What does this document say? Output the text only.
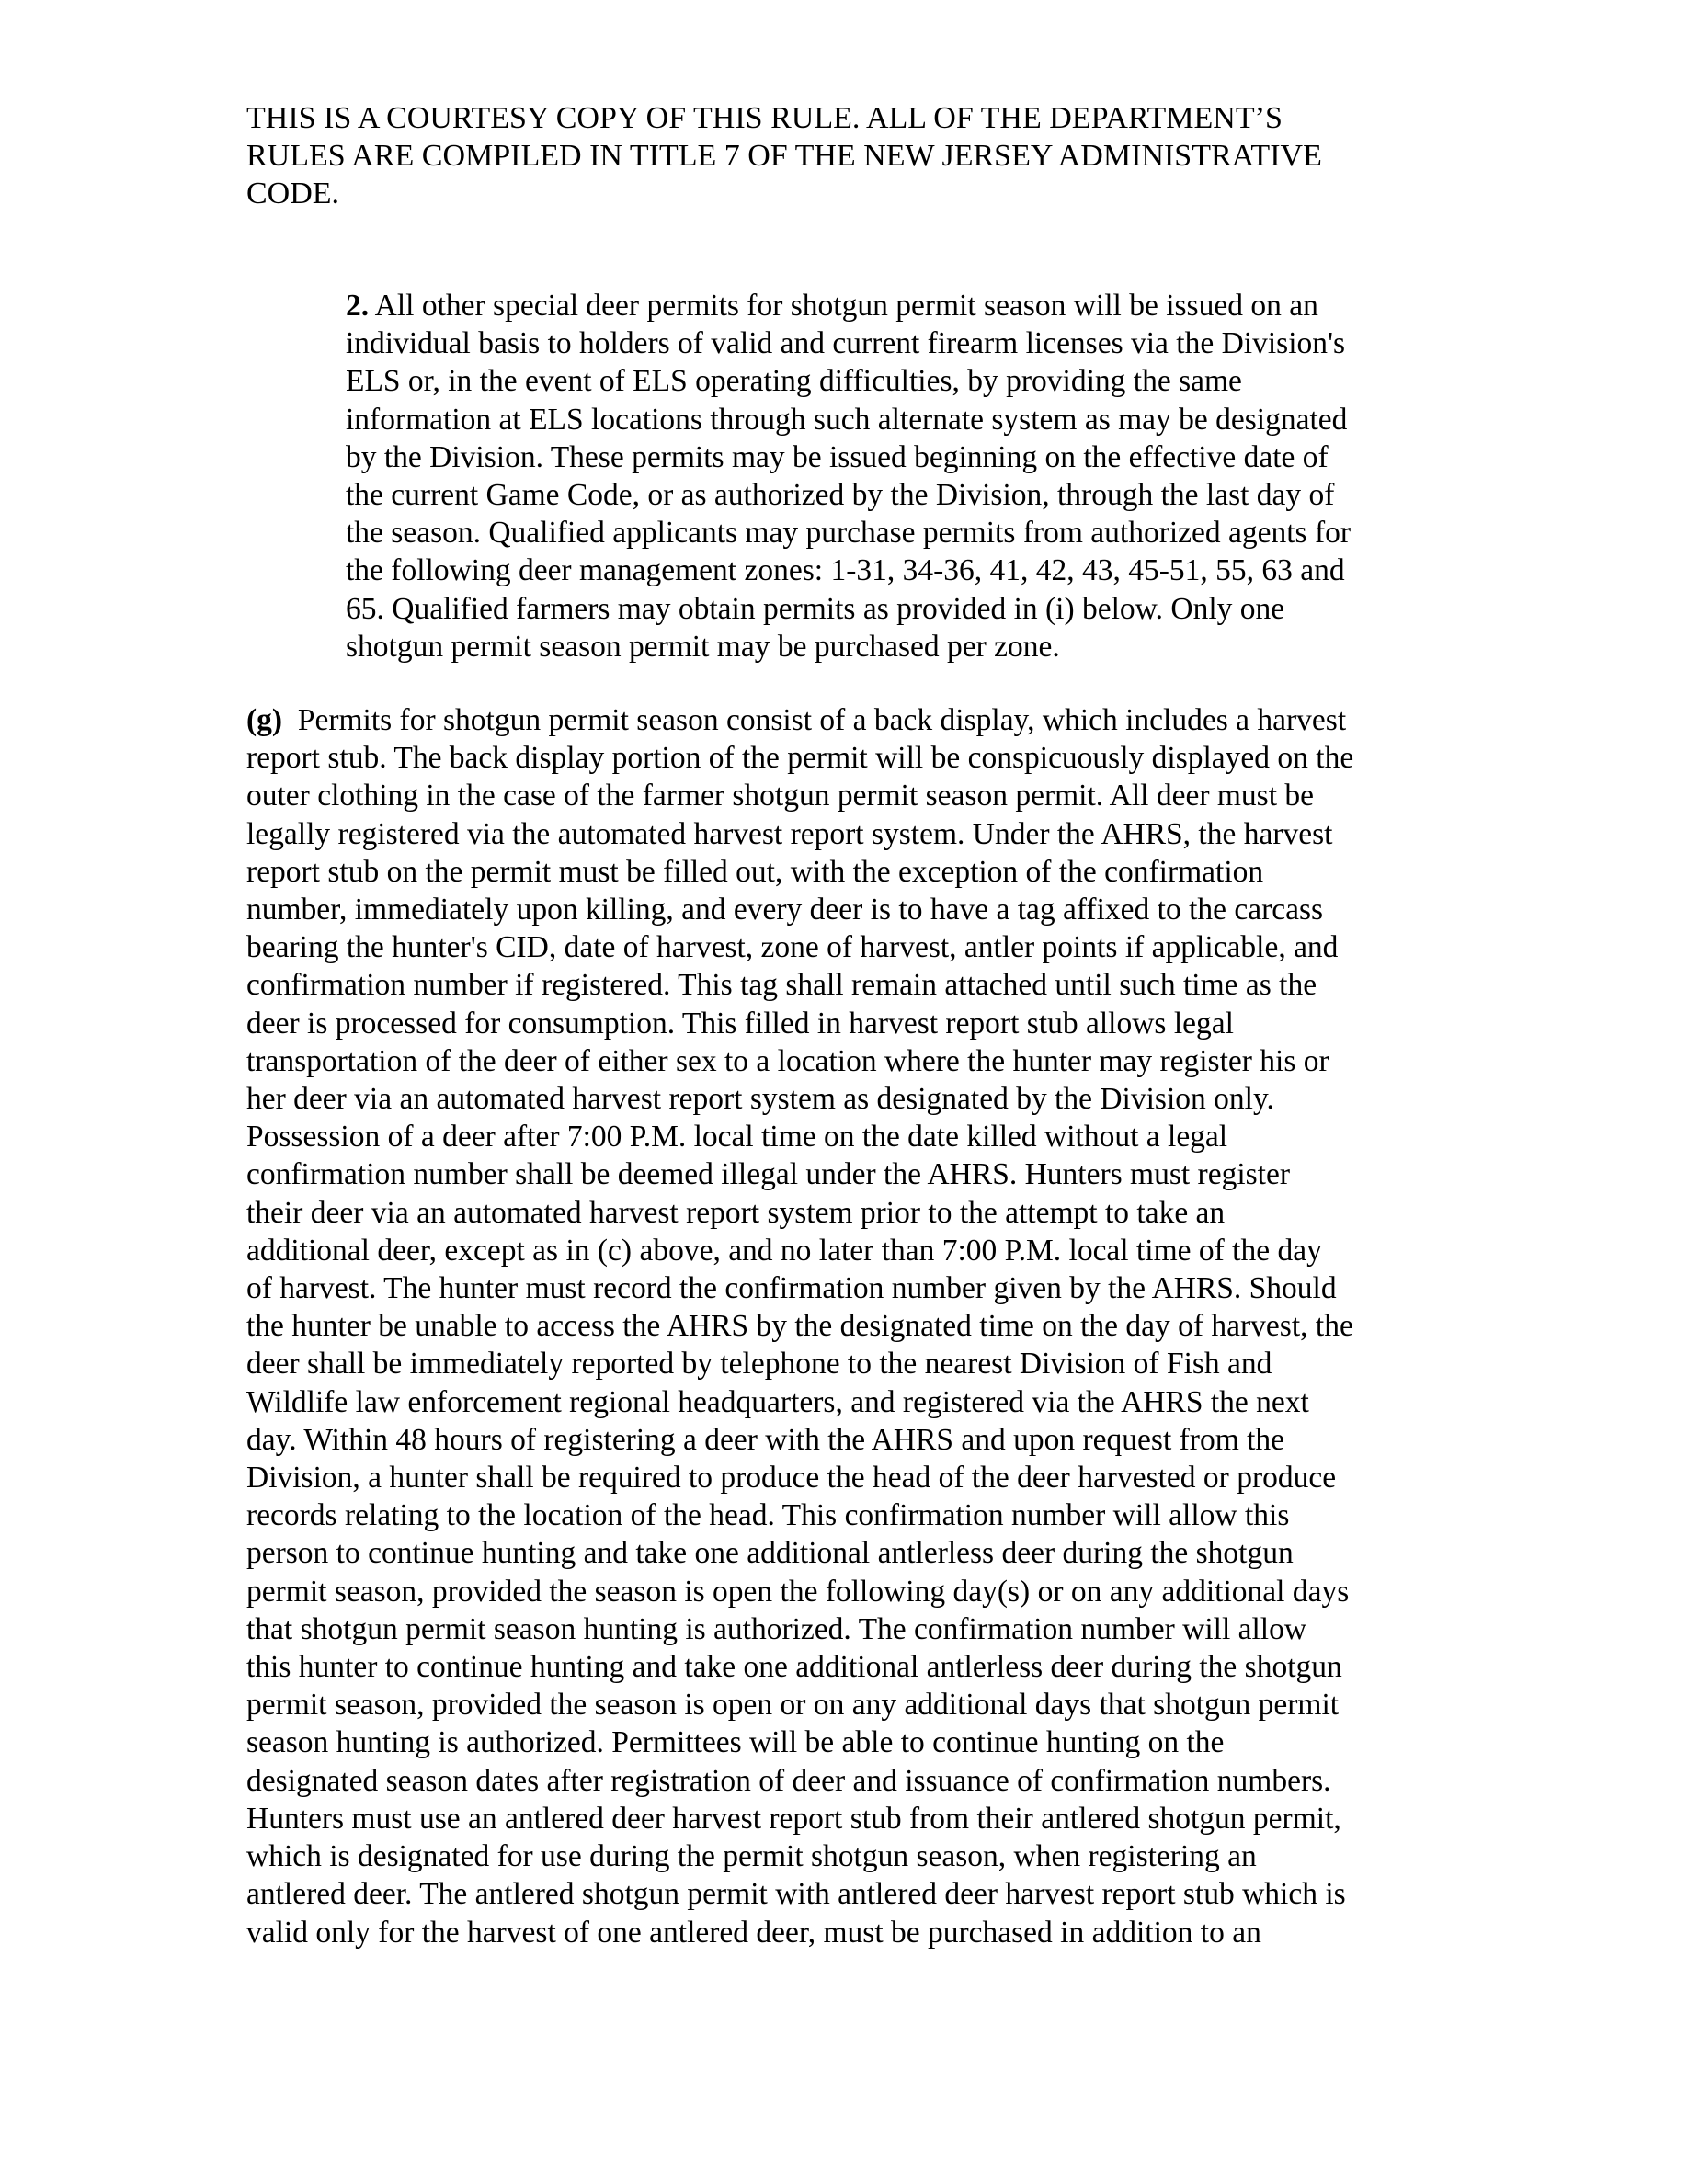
THIS IS A COURTESY COPY OF THIS RULE. ALL OF THE DEPARTMENT’S
RULES ARE COMPILED IN TITLE 7 OF THE NEW JERSEY ADMINISTRATIVE
CODE.

2. All other special deer permits for shotgun permit season will be issued on an
individual basis to holders of valid and current firearm licenses via the Division's
ELS or, in the event of ELS operating difficulties, by providing the same
information at ELS locations through such alternate system as may be designated
by the Division. These permits may be issued beginning on the effective date of
the current Game Code, or as authorized by the Division, through the last day of
the season. Qualified applicants may purchase permits from authorized agents for
the following deer management zones: 1-31, 34-36, 41, 42, 43, 45-51, 55, 63 and
65. Qualified farmers may obtain permits as provided in (i) below. Only one
shotgun permit season permit may be purchased per zone.

(g)  Permits for shotgun permit season consist of a back display, which includes a harvest
report stub. The back display portion of the permit will be conspicuously displayed on the
outer clothing in the case of the farmer shotgun permit season permit. All deer must be
legally registered via the automated harvest report system. Under the AHRS, the harvest
report stub on the permit must be filled out, with the exception of the confirmation
number, immediately upon killing, and every deer is to have a tag affixed to the carcass
bearing the hunter's CID, date of harvest, zone of harvest, antler points if applicable, and
confirmation number if registered. This tag shall remain attached until such time as the
deer is processed for consumption. This filled in harvest report stub allows legal
transportation of the deer of either sex to a location where the hunter may register his or
her deer via an automated harvest report system as designated by the Division only.
Possession of a deer after 7:00 P.M. local time on the date killed without a legal
confirmation number shall be deemed illegal under the AHRS. Hunters must register
their deer via an automated harvest report system prior to the attempt to take an
additional deer, except as in (c) above, and no later than 7:00 P.M. local time of the day
of harvest. The hunter must record the confirmation number given by the AHRS. Should
the hunter be unable to access the AHRS by the designated time on the day of harvest, the
deer shall be immediately reported by telephone to the nearest Division of Fish and
Wildlife law enforcement regional headquarters, and registered via the AHRS the next
day. Within 48 hours of registering a deer with the AHRS and upon request from the
Division, a hunter shall be required to produce the head of the deer harvested or produce
records relating to the location of the head. This confirmation number will allow this
person to continue hunting and take one additional antlerless deer during the shotgun
permit season, provided the season is open the following day(s) or on any additional days
that shotgun permit season hunting is authorized. The confirmation number will allow
this hunter to continue hunting and take one additional antlerless deer during the shotgun
permit season, provided the season is open or on any additional days that shotgun permit
season hunting is authorized. Permittees will be able to continue hunting on the
designated season dates after registration of deer and issuance of confirmation numbers.
Hunters must use an antlered deer harvest report stub from their antlered shotgun permit,
which is designated for use during the permit shotgun season, when registering an
antlered deer. The antlered shotgun permit with antlered deer harvest report stub which is
valid only for the harvest of one antlered deer, must be purchased in addition to an
